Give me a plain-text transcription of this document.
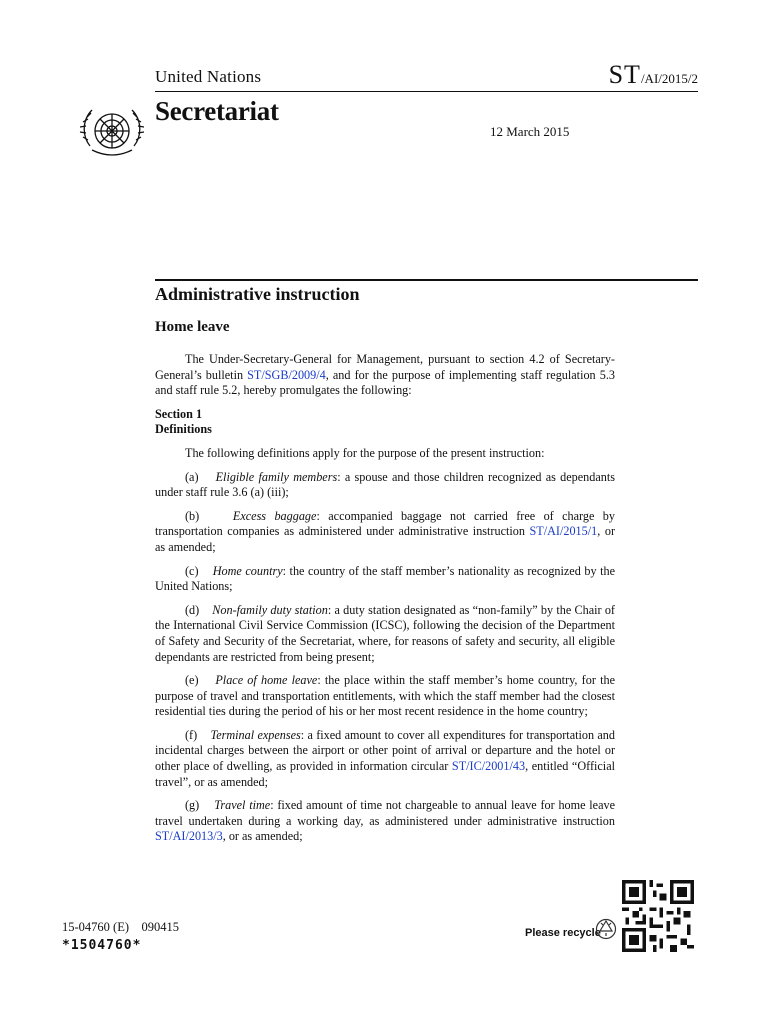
United Nations	ST/AI/2015/2
Secretariat
12 March 2015
Administrative instruction
Home leave

The Under-Secretary-General for Management, pursuant to section 4.2 of Secretary-General’s bulletin ST/SGB/2009/4, and for the purpose of implementing staff regulation 5.3 and staff rule 5.2, hereby promulgates the following:

Section 1
Definitions

The following definitions apply for the purpose of the present instruction:

(a) Eligible family members: a spouse and those children recognized as dependants under staff rule 3.6 (a) (iii);

(b)	Excess baggage: accompanied baggage not carried free of charge by transportation companies as administered under administrative instruction ST/AI/2015/1, or as amended;

(c) Home country: the country of the staff member’s nationality as recognized by the United Nations;

(d) Non-family duty station: a duty station designated as “non-family” by the Chair of the International Civil Service Commission (ICSC), following the decision of the Department of Safety and Security of the Secretariat, where, for reasons of safety and security, all eligible dependants are restricted from being present;

(e) Place of home leave: the place within the staff member’s home country, for the purpose of travel and transportation entitlements, with which the staff member had the closest residential ties during the period of his or her most recent residence in the home country;

(f) Terminal expenses: a fixed amount to cover all expenditures for transportation and incidental charges between the airport or other point of arrival or departure and the hotel or other place of dwelling, as provided in information circular ST/IC/2001/43, entitled “Official travel”, or as amended;

(g) Travel time: fixed amount of time not chargeable to annual leave for home leave travel undertaken during a working day, as administered under administrative instruction ST/AI/2013/3, or as amended;

15-04760 (E) 090415
*1504760*
Please recycle
